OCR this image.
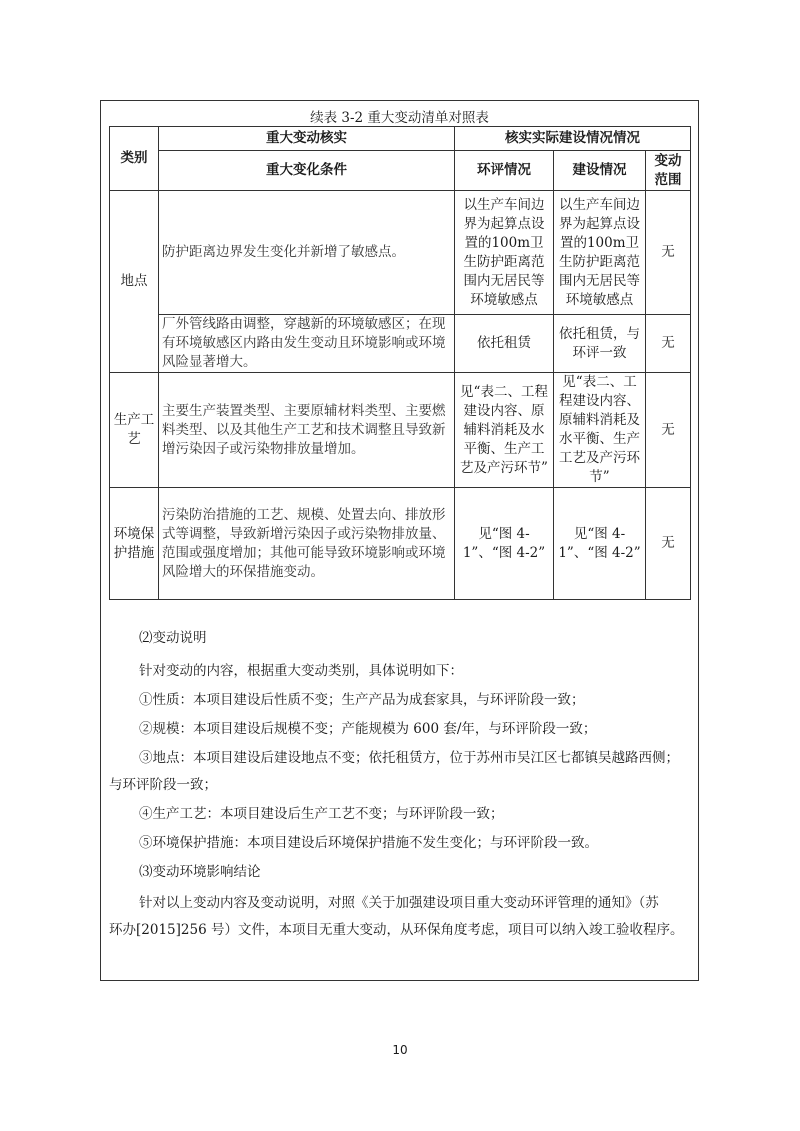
续表 3-2 重大变动清单对照表
类别	重大变动核实	核实实际建设情况情况		
	重大变化条件	环评情况	建设情况	变动范围
地点	防护距离边界发生变化并新增了敏感点。	以生产车间边界为起算点设置的100m卫生防护距离范围内无居民等环境敏感点	以生产车间边界为起算点设置的100m卫生防护距离范围内无居民等环境敏感点	无
	厂外管线路由调整，穿越新的环境敏感区；在现有环境敏感区内路由发生变动且环境影响或环境风险显著增大。	依托租赁	依托租赁，与环评一致	无
生产工艺	主要生产装置类型、主要原辅材料类型、主要燃料类型、以及其他生产工艺和技术调整且导致新增污染因子或污染物排放量增加。	见“表二、工程建设内容、原辅料消耗及水平衡、生产工艺及产污环节”	见“表二、工程建设内容、原辅料消耗及水平衡、生产工艺及产污环节”	无
环境保护措施	污染防治措施的工艺、规模、处置去向、排放形式等调整，导致新增污染因子或污染物排放量、范围或强度增加；其他可能导致环境影响或环境风险增大的环保措施变动。	见“图 4-1”、“图 4-2”	见“图 4-1”、“图 4-2”	无

⑵变动说明

针对变动的内容，根据重大变动类别，具体说明如下：

①性质：本项目建设后性质不变；生产产品为成套家具，与环评阶段一致；

②规模：本项目建设后规模不变；产能规模为 600 套/年，与环评阶段一致；

③地点：本项目建设后建设地点不变；依托租赁方，位于苏州市吴江区七都镇吴越路西侧；

与环评阶段一致；

④生产工艺：本项目建设后生产工艺不变；与环评阶段一致；

⑤环境保护措施：本项目建设后环境保护措施不发生变化；与环评阶段一致。

⑶变动环境影响结论

针对以上变动内容及变动说明，对照《关于加强建设项目重大变动环评管理的通知》（苏

环办[2015]256 号）文件，本项目无重大变动，从环保角度考虑，项目可以纳入竣工验收程序。

10
